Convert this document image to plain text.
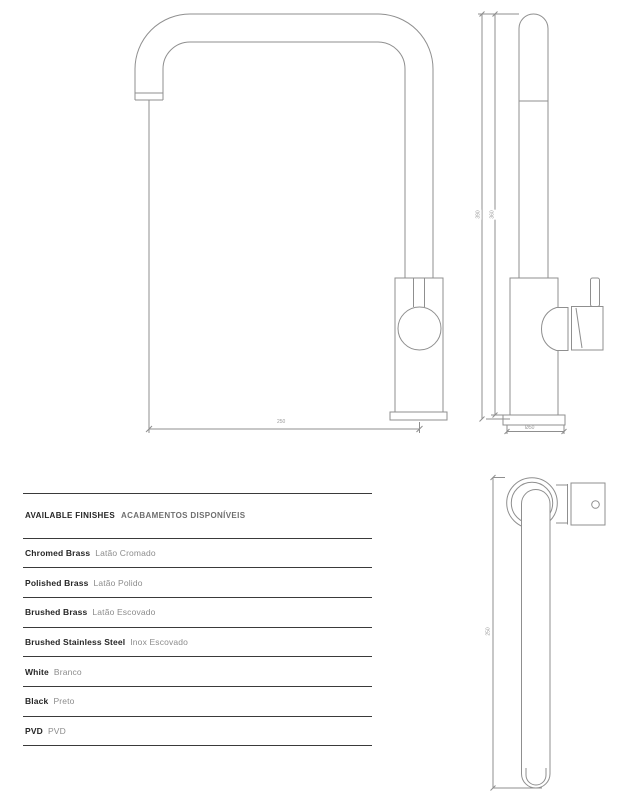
250
390 360
Ø50
250
AVAILABLE FINISHES ACABAMENTOS DISPONÍVEIS
Chromed Brass Latão Cromado
Polished Brass Latão Polido
Brushed Brass Latão Escovado
Brushed Stainless Steel Inox Escovado
White Branco
Black Preto
PVD PVD
